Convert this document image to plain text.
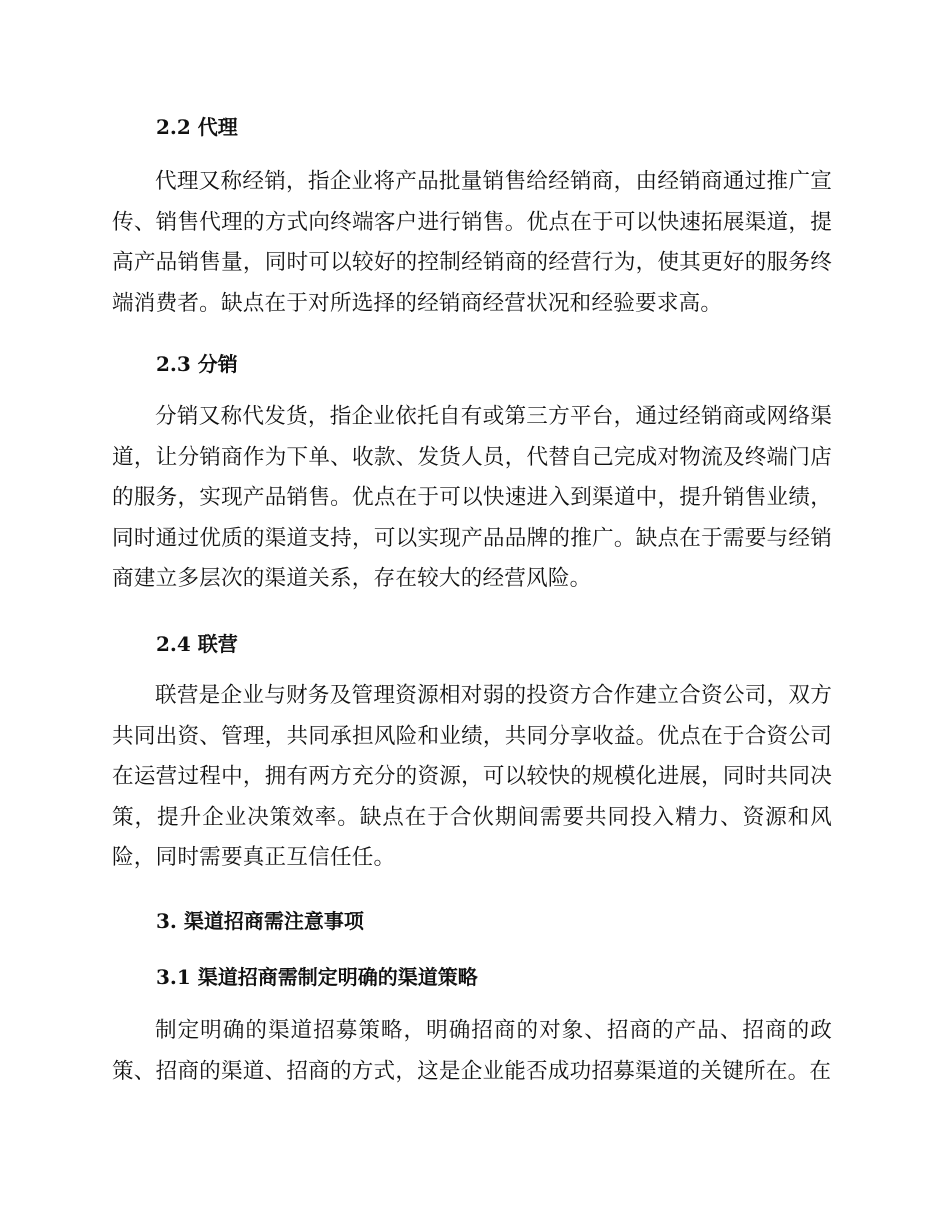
2.2 代理

代理又称经销，指企业将产品批量销售给经销商，由经销商通过推广宣传、销售代理的方式向终端客户进行销售。优点在于可以快速拓展渠道，提高产品销售量，同时可以较好的控制经销商的经营行为，使其更好的服务终端消费者。缺点在于对所选择的经销商经营状况和经验要求高。

2.3 分销

分销又称代发货，指企业依托自有或第三方平台，通过经销商或网络渠道，让分销商作为下单、收款、发货人员，代替自己完成对物流及终端门店的服务，实现产品销售。优点在于可以快速进入到渠道中，提升销售业绩，同时通过优质的渠道支持，可以实现产品品牌的推广。缺点在于需要与经销商建立多层次的渠道关系，存在较大的经营风险。

2.4 联营

联营是企业与财务及管理资源相对弱的投资方合作建立合资公司，双方共同出资、管理，共同承担风险和业绩，共同分享收益。优点在于合资公司在运营过程中，拥有两方充分的资源，可以较快的规模化进展，同时共同决策，提升企业决策效率。缺点在于合伙期间需要共同投入精力、资源和风险，同时需要真正互信任任。

3. 渠道招商需注意事项
3.1 渠道招商需制定明确的渠道策略

制定明确的渠道招募策略，明确招商的对象、招商的产品、招商的政策、招商的渠道、招商的方式，这是企业能否成功招募渠道的关键所在。在
